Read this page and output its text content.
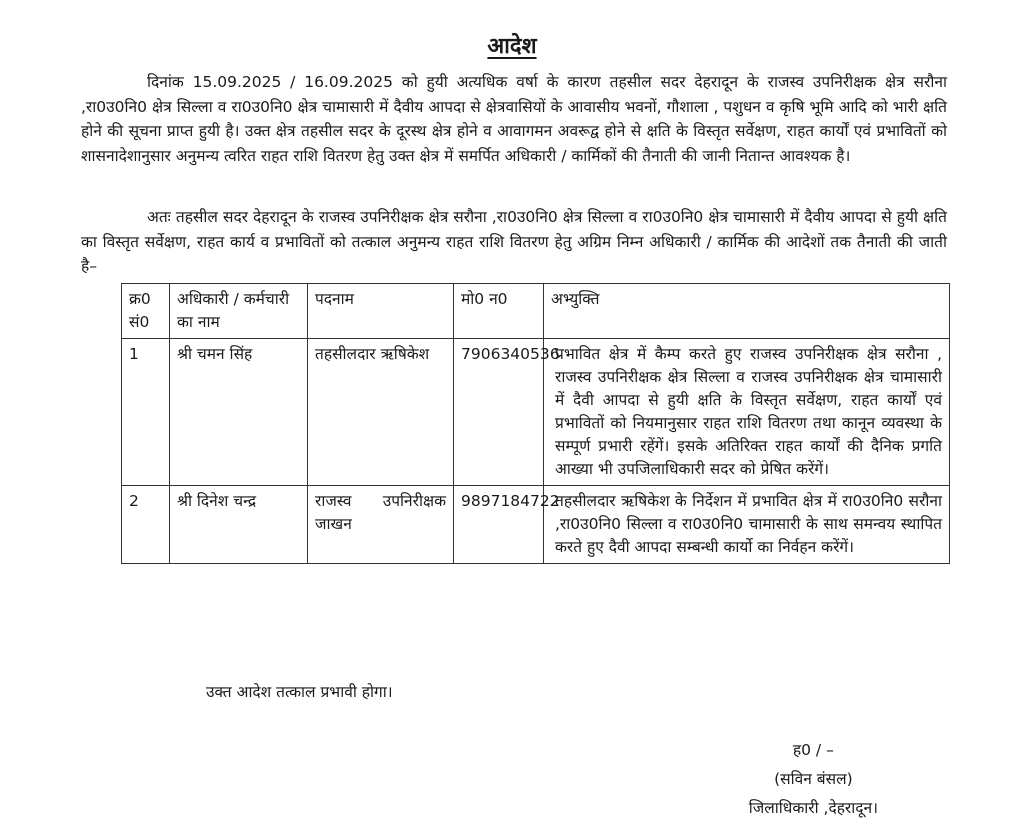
आदेश

दिनांक 15.09.2025 / 16.09.2025 को हुयी अत्यधिक वर्षा के कारण तहसील सदर देहरादून के राजस्व उपनिरीक्षक क्षेत्र सरौना ,रा0उ0नि0 क्षेत्र सिल्ला व रा0उ0नि0 क्षेत्र चामासारी में दैवीय आपदा से क्षेत्रवासियों के आवासीय भवनों, गौशाला , पशुधन व कृषि भूमि आदि को भारी क्षति होने की सूचना प्राप्त हुयी है। उक्त क्षेत्र तहसील सदर के दूरस्थ क्षेत्र होने व आवागमन अवरूद्व होने से क्षति के विस्तृत सर्वेक्षण, राहत कार्यों एवं प्रभावितों को शासनादेशानुसार अनुमन्य त्वरित राहत राशि वितरण हेतु उक्त क्षेत्र में समर्पित अधिकारी / कार्मिकों की तैनाती की जानी नितान्त आवश्यक है।

अतः तहसील सदर देहरादून के राजस्व उपनिरीक्षक क्षेत्र सरौना ,रा0उ0नि0 क्षेत्र सिल्ला व रा0उ0नि0 क्षेत्र चामासारी में दैवीय आपदा से हुयी क्षति का विस्तृत सर्वेक्षण, राहत कार्य व प्रभावितों को तत्काल अनुमन्य राहत राशि वितरण हेतु अग्रिम निम्न अधिकारी / कार्मिक की आदेशों तक तैनाती की जाती है–

क्र0 सं0	अधिकारी / कर्मचारी का नाम	पदनाम	मो0 न0	अभ्युक्ति
1	श्री चमन सिंह	तहसीलदार ऋषिकेश	7906340536	प्रभावित क्षेत्र में कैम्प करते हुए राजस्व उपनिरीक्षक क्षेत्र सरौना , राजस्व उपनिरीक्षक क्षेत्र सिल्ला व राजस्व उपनिरीक्षक क्षेत्र चामासारी में दैवी आपदा से हुयी क्षति के विस्तृत सर्वेक्षण, राहत कार्यों एवं प्रभावितों को नियमानुसार राहत राशि वितरण तथा कानून व्यवस्था के सम्पूर्ण प्रभारी रहेंगें। इसके अतिरिक्त राहत कार्यों की दैनिक प्रगति आख्या भी उपजिलाधिकारी सदर को प्रेषित करेंगें।
2	श्री दिनेश चन्द्र	राजस्व उपनिरीक्षक जाखन	9897184722	तहसीलदार ऋषिकेश के निर्देशन में प्रभावित क्षेत्र में रा0उ0नि0 सरौना ,रा0उ0नि0 सिल्ला व रा0उ0नि0 चामासारी के साथ समन्वय स्थापित करते हुए दैवी आपदा सम्बन्धी कार्यो का निर्वहन करेंगें।

उक्त आदेश तत्काल प्रभावी होगा।

ह0 / –
(सविन बंसल)
जिलाधिकारी ,देहरादून।
